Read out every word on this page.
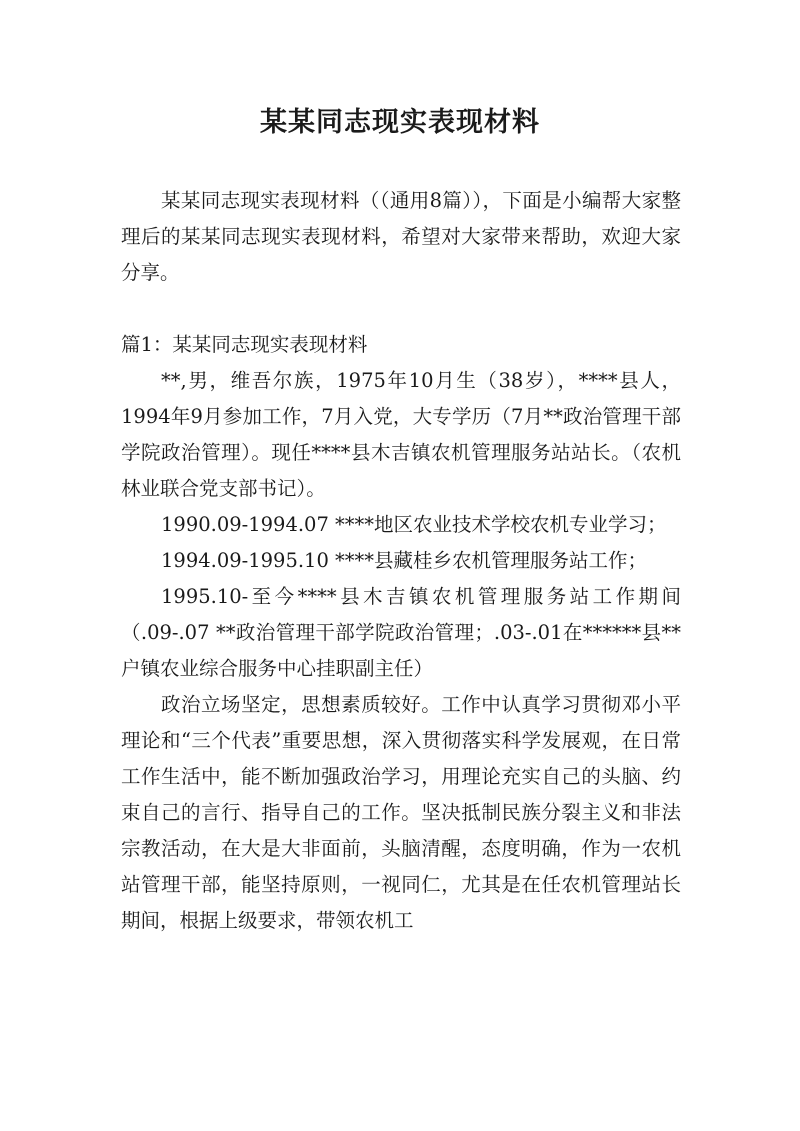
某某同志现实表现材料

某某同志现实表现材料（（通用8篇）），下面是小编帮大家整理后的某某同志现实表现材料，希望对大家带来帮助，欢迎大家分享。

篇1：某某同志现实表现材料

**,男，维吾尔族，1975年10月生（38岁），****县人，1994年9月参加工作，7月入党，大专学历（7月**政治管理干部学院政治管理）。现任****县木吉镇农机管理服务站站长。（农机林业联合党支部书记）。

1990.09-1994.07 ****地区农业技术学校农机专业学习；

1994.09-1995.10 ****县藏桂乡农机管理服务站工作；

1995.10-至今****县木吉镇农机管理服务站工作期间（.09-.07 **政治管理干部学院政治管理；.03-.01在******县**户镇农业综合服务中心挂职副主任）

政治立场坚定，思想素质较好。工作中认真学习贯彻邓小平理论和“三个代表”重要思想，深入贯彻落实科学发展观，在日常工作生活中，能不断加强政治学习，用理论充实自己的头脑、约束自己的言行、指导自己的工作。坚决抵制民族分裂主义和非法宗教活动，在大是大非面前，头脑清醒，态度明确，作为一农机站管理干部，能坚持原则，一视同仁，尤其是在任农机管理站长期间，根据上级要求，带领农机工
